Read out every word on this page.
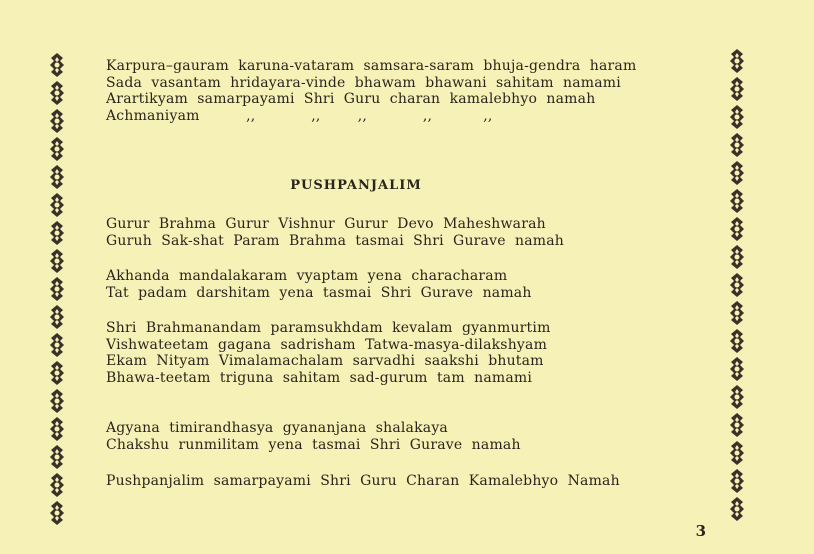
Karpura–gauram  karuna-vataram  samsara-saram  bhuja-gendra  haram
Sada  vasantam  hridayara-vinde  bhawam  bhawani  sahitam  namami
Arartikyam  samarpayami  Shri  Guru  charan  kamalebhyo  namah
Achmaniyam          ,,            ,,        ,,            ,,           ,,
PUSHPANJALIM
Gurur  Brahma  Gurur  Vishnur  Gurur  Devo  Maheshwarah
Guruh  Sak-shat  Param  Brahma  tasmai  Shri  Gurave  namah
Akhanda  mandalakaram  vyaptam  yena  characharam
Tat  padam  darshitam  yena  tasmai  Shri  Gurave  namah
Shri  Brahmanandam  paramsukhdam  kevalam  gyanmurtim
Vishwateetam  gagana  sadrisham  Tatwa-masya-dilakshyam
Ekam  Nityam  Vimalamachalam  sarvadhi  saakshi  bhutam
Bhawa-teetam  triguna  sahitam  sad-gurum  tam  namami
Agyana  timirandhasya  gyananjana  shalakaya
Chakshu  runmilitam  yena  tasmai  Shri  Gurave  namah
Pushpanjalim  samarpayami  Shri  Guru  Charan  Kamalebhyo  Namah
3
